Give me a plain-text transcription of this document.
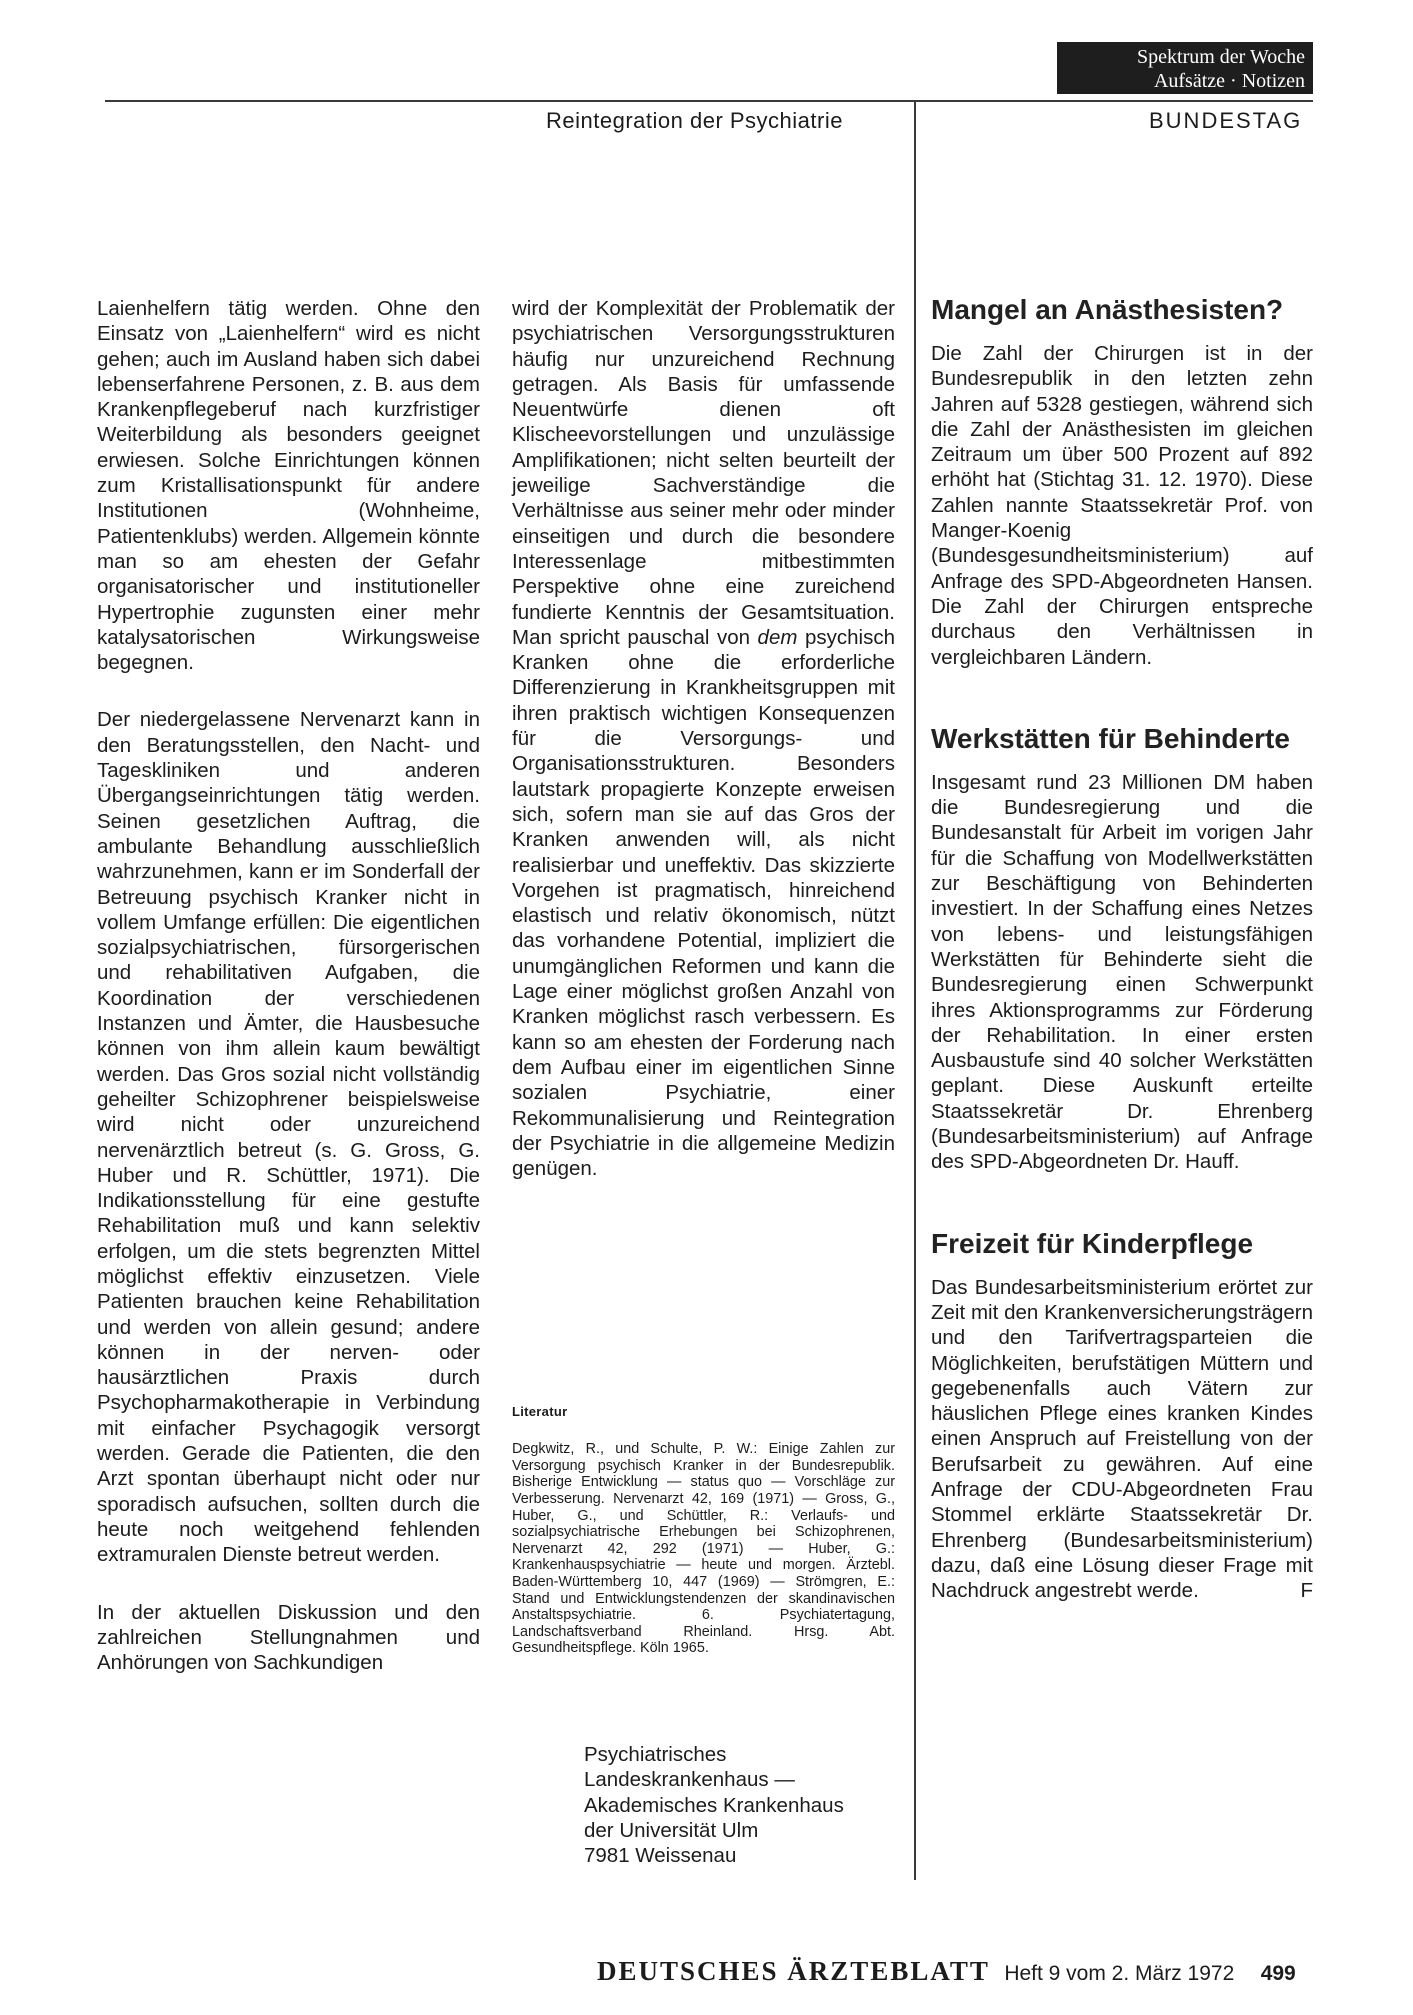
Spektrum der Woche
Aufsätze · Notizen
Reintegration der Psychiatrie	BUNDESTAG

Laienhelfern tätig werden. Ohne den Einsatz von „Laienhelfern“ wird es nicht gehen; auch im Ausland haben sich dabei lebenserfahrene Personen, z. B. aus dem Krankenpflegeberuf nach kurzfristiger Weiterbildung als besonders geeignet erwiesen. Solche Einrichtungen können zum Kristallisationspunkt für andere Institutionen (Wohnheime, Patientenklubs) werden. Allgemein könnte man so am ehesten der Gefahr organisatorischer und institutioneller Hypertrophie zugunsten einer mehr katalysatorischen Wirkungsweise begegnen.

Der niedergelassene Nervenarzt kann in den Beratungsstellen, den Nacht- und Tageskliniken und anderen Übergangseinrichtungen tätig werden. Seinen gesetzlichen Auftrag, die ambulante Behandlung ausschließlich wahrzunehmen, kann er im Sonderfall der Betreuung psychisch Kranker nicht in vollem Umfange erfüllen: Die eigentlichen sozialpsychiatrischen, fürsorgerischen und rehabilitativen Aufgaben, die Koordination der verschiedenen Instanzen und Ämter, die Hausbesuche können von ihm allein kaum bewältigt werden. Das Gros sozial nicht vollständig geheilter Schizophrener beispielsweise wird nicht oder unzureichend nervenärztlich betreut (s. G. Gross, G. Huber und R. Schüttler, 1971). Die Indikationsstellung für eine gestufte Rehabilitation muß und kann selektiv erfolgen, um die stets begrenzten Mittel möglichst effektiv einzusetzen. Viele Patienten brauchen keine Rehabilitation und werden von allein gesund; andere können in der nerven- oder hausärztlichen Praxis durch Psychopharmakotherapie in Verbindung mit einfacher Psychagogik versorgt werden. Gerade die Patienten, die den Arzt spontan überhaupt nicht oder nur sporadisch aufsuchen, sollten durch die heute noch weitgehend fehlenden extramuralen Dienste betreut werden.

In der aktuellen Diskussion und den zahlreichen Stellungnahmen und Anhörungen von Sachkundigen

wird der Komplexität der Problematik der psychiatrischen Versorgungsstrukturen häufig nur unzureichend Rechnung getragen. Als Basis für umfassende Neuentwürfe dienen oft Klischeevorstellungen und unzulässige Amplifikationen; nicht selten beurteilt der jeweilige Sachverständige die Verhältnisse aus seiner mehr oder minder einseitigen und durch die besondere Interessenlage mitbestimmten Perspektive ohne eine zureichend fundierte Kenntnis der Gesamtsituation. Man spricht pauschal von dem psychisch Kranken ohne die erforderliche Differenzierung in Krankheitsgruppen mit ihren praktisch wichtigen Konsequenzen für die Versorgungs- und Organisationsstrukturen. Besonders lautstark propagierte Konzepte erweisen sich, sofern man sie auf das Gros der Kranken anwenden will, als nicht realisierbar und uneffektiv. Das skizzierte Vorgehen ist pragmatisch, hinreichend elastisch und relativ ökonomisch, nützt das vorhandene Potential, impliziert die unumgänglichen Reformen und kann die Lage einer möglichst großen Anzahl von Kranken möglichst rasch verbessern. Es kann so am ehesten der Forderung nach dem Aufbau einer im eigentlichen Sinne sozialen Psychiatrie, einer Rekommunalisierung und Reintegration der Psychiatrie in die allgemeine Medizin genügen.

Literatur

Degkwitz, R., und Schulte, P. W.: Einige Zahlen zur Versorgung psychisch Kranker in der Bundesrepublik. Bisherige Entwicklung — status quo — Vorschläge zur Verbesserung. Nervenarzt 42, 169 (1971) — Gross, G., Huber, G., und Schüttler, R.: Verlaufs- und sozialpsychiatrische Erhebungen bei Schizophrenen, Nervenarzt 42, 292 (1971) — Huber, G.: Krankenhauspsychiatrie — heute und morgen. Ärztebl. Baden-Württemberg 10, 447 (1969) — Strömgren, E.: Stand und Entwicklungstendenzen der skandinavischen Anstaltspsychiatrie. 6. Psychiatertagung, Landschaftsverband Rheinland. Hrsg. Abt. Gesundheitspflege. Köln 1965.

Psychiatrisches
Landeskrankenhaus —
Akademisches Krankenhaus
der Universität Ulm
7981 Weissenau
Mangel an Anästhesisten?

Die Zahl der Chirurgen ist in der Bundesrepublik in den letzten zehn Jahren auf 5328 gestiegen, während sich die Zahl der Anästhesisten im gleichen Zeitraum um über 500 Prozent auf 892 erhöht hat (Stichtag 31. 12. 1970). Diese Zahlen nannte Staatssekretär Prof. von Manger-Koenig (Bundesgesundheitsministerium) auf Anfrage des SPD-Abgeordneten Hansen. Die Zahl der Chirurgen entspreche durchaus den Verhältnissen in vergleichbaren Ländern.

Werkstätten für Behinderte

Insgesamt rund 23 Millionen DM haben die Bundesregierung und die Bundesanstalt für Arbeit im vorigen Jahr für die Schaffung von Modellwerkstätten zur Beschäftigung von Behinderten investiert. In der Schaffung eines Netzes von lebens- und leistungsfähigen Werkstätten für Behinderte sieht die Bundesregierung einen Schwerpunkt ihres Aktionsprogramms zur Förderung der Rehabilitation. In einer ersten Ausbaustufe sind 40 solcher Werkstätten geplant. Diese Auskunft erteilte Staatssekretär Dr. Ehrenberg (Bundesarbeitsministerium) auf Anfrage des SPD-Abgeordneten Dr. Hauff.

Freizeit für Kinderpflege

Das Bundesarbeitsministerium erörtet zur Zeit mit den Krankenversicherungsträgern und den Tarifvertragsparteien die Möglichkeiten, berufstätigen Müttern und gegebenenfalls auch Vätern zur häuslichen Pflege eines kranken Kindes einen Anspruch auf Freistellung von der Berufsarbeit zu gewähren. Auf eine Anfrage der CDU-Abgeordneten Frau Stommel erklärte Staatssekretär Dr. Ehrenberg (Bundesarbeitsministerium) dazu, daß eine Lösung dieser Frage mit Nachdruck angestrebt werde.	F

DEUTSCHES ÄRZTEBLATT Heft 9 vom 2. März 1972 499
